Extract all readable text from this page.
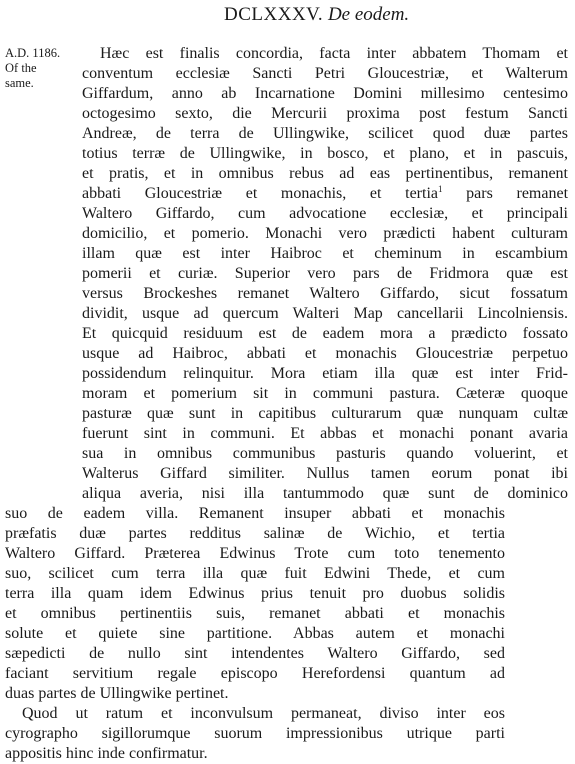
DCLXXXV. De eodem.
A.D. 1186.
Of the
same.
Hæc est finalis concordia, facta inter abbatem Thomam et
conventum ecclesiæ Sancti Petri Gloucestriæ, et Walterum
Giffardum, anno ab Incarnatione Domini millesimo centesimo
octogesimo sexto, die Mercurii proxima post festum Sancti
Andreæ, de terra de Ullingwike, scilicet quod duæ partes
totius terræ de Ullingwike, in bosco, et plano, et in pascuis,
et pratis, et in omnibus rebus ad eas pertinentibus, remanent
abbati Gloucestriæ et monachis, et tertia$^1$ pars remanet
Waltero Giffardo, cum advocatione ecclesiæ, et principali
domicilio, et pomerio. Monachi vero prædicti habent culturam
illam quæ est inter Haibroc et cheminum in escambium
pomerii et curiæ. Superior vero pars de Fridmora quæ est
versus Brockeshes remanet Waltero Giffardo, sicut fossatum
dividit, usque ad quercum Walteri Map cancellarii Lincolniensis.
Et quicquid residuum est de eadem mora a prædicto fossato
usque ad Haibroc, abbati et monachis Gloucestriæ perpetuo
possidendum relinquitur. Mora etiam illa quæ est inter Frid-
moram et pomerium sit in communi pastura. Cæteræ quoque
pasturæ quæ sunt in capitibus culturarum quæ nunquam cultæ
fuerunt sint in communi. Et abbas et monachi ponant avaria
sua in omnibus communibus pasturis quando voluerint, et
Walterus Giffard similiter. Nullus tamen eorum ponat ibi
aliqua averia, nisi illa tantummodo quæ sunt de dominico
suo de eadem villa. Remanent insuper abbati et monachis
præfatis duæ partes redditus salinæ de Wichio, et tertia
Waltero Giffard. Præterea Edwinus Trote cum toto tenemento
suo, scilicet cum terra illa quæ fuit Edwini Thede, et cum
terra illa quam idem Edwinus prius tenuit pro duobus solidis
et omnibus pertinentiis suis, remanet abbati et monachis
solute et quiete sine partitione. Abbas autem et monachi
sæpedicti de nullo sint intendentes Waltero Giffardo, sed
faciant servitium regale episcopo Herefordensi quantum ad
duas partes de Ullingwike pertinet.
Quod ut ratum et inconvulsum permaneat, diviso inter eos
cyrographo sigillorumque suorum impressionibus utrique parti
appositis hinc inde confirmatur.
